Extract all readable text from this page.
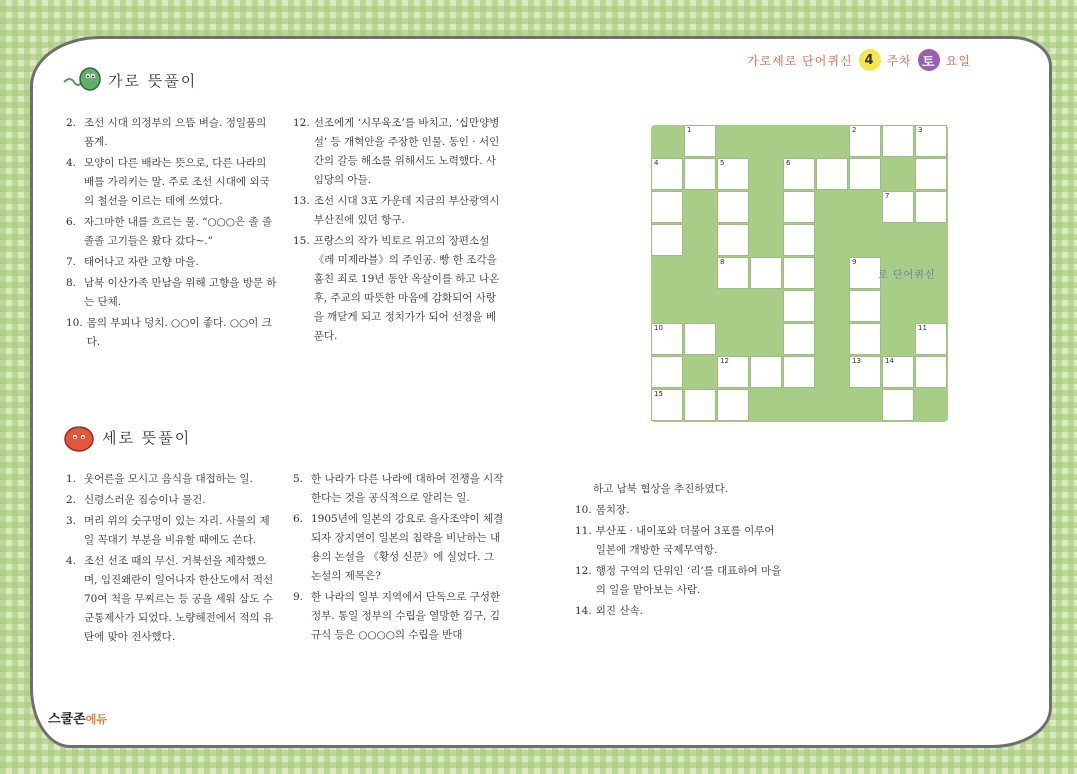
가로세로 단어퀴신 4 주차 토 요일
가로 뜻풀이
2. 조선 시대 의정부의 으뜸 벼슬. 정일품의 품계.
4. 모양이 다른 배라는 뜻으로, 다른 나라의 배를 가리키는 말. 주로 조선 시대에 외국의 철선을 이르는 데에 쓰였다.
6. 자그마한 내를 흐르는 물. “○○○은 졸 졸졸졸 고기들은 왔다 갔다~.”
7. 태어나고 자란 고향 마을.
8. 남북 이산가족 만남을 위해 고향을 방문 하는 단체.
10. 몸의 부피나 덩치. ○○이 좋다. ○○이 크다.
12. 선조에게 ‘시무육조’를 바치고, ‘십만양병설’ 등 개혁안을 주장한 인물. 동인 · 서인 간의 갈등 해소를 위해서도 노력했다. 사임당의 아들.
13. 조선 시대 3포 가운데 지금의 부산광역시 부산진에 있던 항구.
15. 프랑스의 작가 빅토르 위고의 장편소설 《레 미제라블》의 주인공. 빵 한 조각을 훔친 죄로 19년 동안 옥살이를 하고 나온 후, 주교의 따뜻한 마음에 감화되어 사랑을 깨닫게 되고 정치가가 되어 선정을 베푼다.
세로 뜻풀이
1. 웃어른을 모시고 음식을 대접하는 일.
2. 신령스러운 짐승이나 물건.
3. 머리 위의 숫구멍이 있는 자리. 사물의 제일 꼭대기 부분을 비유할 때에도 쓴다.
4. 조선 선조 때의 무신. 거북선을 제작했으며, 임진왜란이 일어나자 한산도에서 적선 70여 척을 무찌르는 등 공을 세워 삼도 수군통제사가 되었다. 노량해전에서 적의 유탄에 맞아 전사했다.
5. 한 나라가 다른 나라에 대하여 전쟁을 시작한다는 것을 공식적으로 알리는 일.
6. 1905년에 일본의 강요로 을사조약이 체결되자 장지연이 일본의 침략을 비난하는 내용의 논설을 《황성 신문》에 실었다. 그 논설의 제목은?
9. 한 나라의 일부 지역에서 단독으로 구성한 정부. 통일 정부의 수립을 열망한 김구, 김규식 등은 ○○○○의 수립을 반대
하고 남북 협상을 추진하였다.
10. 몸치장.
11. 부산포 · 내이포와 더불어 3포를 이루어 일본에 개방한 국제무역항.
12. 행정 구역의 단위인 ‘리’를 대표하여 마을의 일을 맡아보는 사람.
14. 외진 산속.
1	2	3
4	5	6
7
8	9
10	11
12	13	14
15
로 단어퀴신
스쿨존에듀
